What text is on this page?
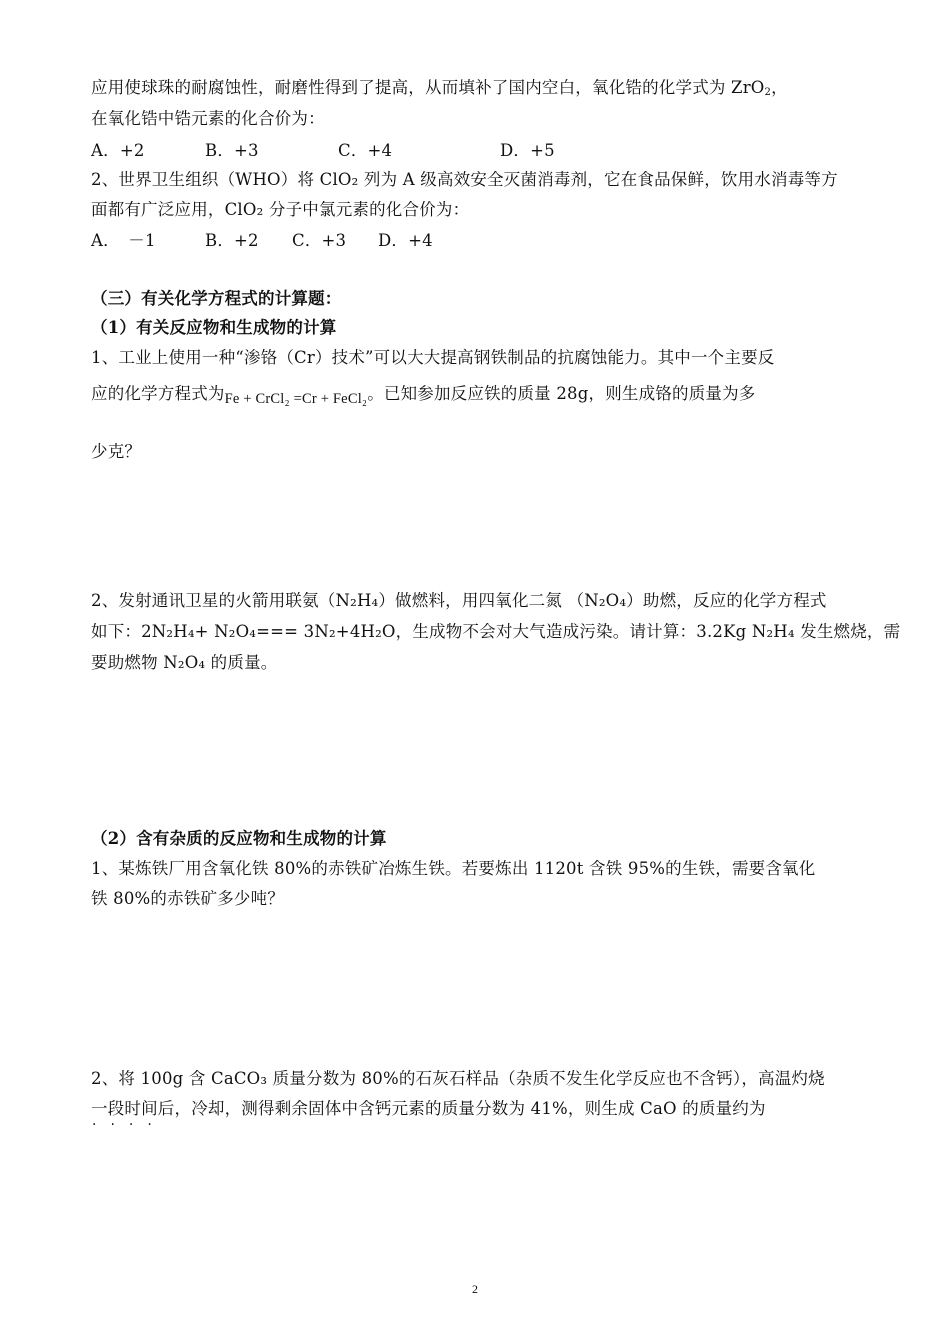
应用使球珠的耐腐蚀性，耐磨性得到了提高，从而填补了国内空白，氧化锆的化学式为 ZrO$_2$，
在氧化锆中锆元素的化合价为：
A．+2	B．+3	C．+4	D．+5
2、世界卫生组织（WHO）将 ClO₂ 列为 A 级高效安全灭菌消毒剂，它在食品保鲜，饮用水消毒等方
面都有广泛应用，ClO₂ 分子中氯元素的化合价为：
A．　－1	B．+2 C．+3 D．+4
（三）有关化学方程式的计算题：
（1）有关反应物和生成物的计算
1、工业上使用一种“渗铬（Cr）技术”可以大大提高钢铁制品的抗腐蚀能力。其中一个主要反
应的化学方程式为Fe + CrCl₂ =Cr + FeCl₂。已知参加反应铁的质量 28g，则生成铬的质量为多
少克？
2、发射通讯卫星的火箭用联氨（N₂H₄）做燃料，用四氧化二氮 （N₂O₄）助燃，反应的化学方程式
如下：2N₂H₄+ N₂O₄=== 3N₂+4H₂O，生成物不会对大气造成污染。请计算：3.2Kg N₂H₄ 发生燃烧，需
要助燃物 N₂O₄ 的质量。
（2）含有杂质的反应物和生成物的计算
1、某炼铁厂用含氧化铁 80%的赤铁矿冶炼生铁。若要炼出 1120t 含铁 95%的生铁，需要含氧化
铁 80%的赤铁矿多少吨？
2、将 100g 含 CaCO₃ 质量分数为 80%的石灰石样品（杂质不发生化学反应也不含钙），高温灼烧
一段时间后，冷却，测得剩余固体中含钙元素的质量分数为 41%，则生成 CaO 的质量约为
····
2
